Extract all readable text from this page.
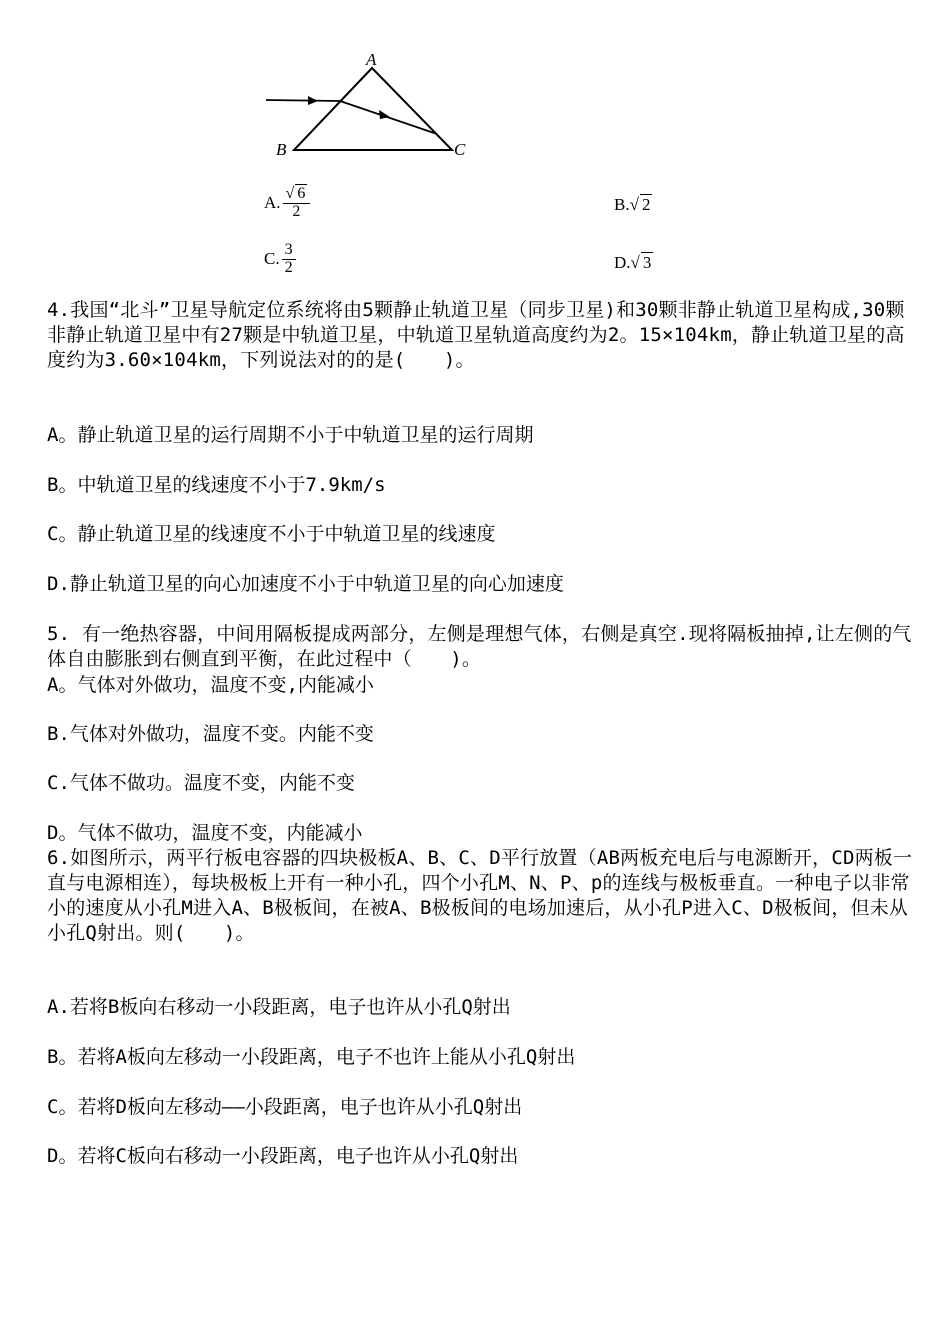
A
B	C
A. $\frac{√ 6}{2}$	B. √ 2
C. $\frac{3}{2}$	D. √ 3
4.我国“北斗”卫星导航定位系统将由5颗静止轨道卫星（同步卫星)和30颗非静止轨道卫星构成,30颗非静止轨道卫星中有27颗是中轨道卫星，中轨道卫星轨道高度约为2。15×104km，静止轨道卫星的高度约为3.60×104km，下列说法对的的是(　　)。
A。静止轨道卫星的运行周期不小于中轨道卫星的运行周期
B。中轨道卫星的线速度不小于7.9km/s
C。静止轨道卫星的线速度不小于中轨道卫星的线速度
D.静止轨道卫星的向心加速度不小于中轨道卫星的向心加速度
5. 有一绝热容器，中间用隔板提成两部分，左侧是理想气体，右侧是真空.现将隔板抽掉,让左侧的气体自由膨胀到右侧直到平衡，在此过程中（　　)。
A。气体对外做功，温度不变,内能减小
B.气体对外做功，温度不变。内能不变
C.气体不做功。温度不变，内能不变
D。气体不做功，温度不变，内能减小
6.如图所示，两平行板电容器的四块极板A、B、C、D平行放置（AB两板充电后与电源断开，CD两板一直与电源相连），每块极板上开有一种小孔，四个小孔M、N、P、p的连线与极板垂直。一种电子以非常小的速度从小孔M进入A、B极板间，在被A、B极板间的电场加速后，从小孔P进入C、D极板间，但未从小孔Q射出。则(　　)。
A.若将B板向右移动一小段距离，电子也许从小孔Q射出
B。若将A板向左移动一小段距离，电子不也许上能从小孔Q射出
C。若将D板向左移动——小段距离，电子也许从小孔Q射出
D。若将C板向右移动一小段距离，电子也许从小孔Q射出
